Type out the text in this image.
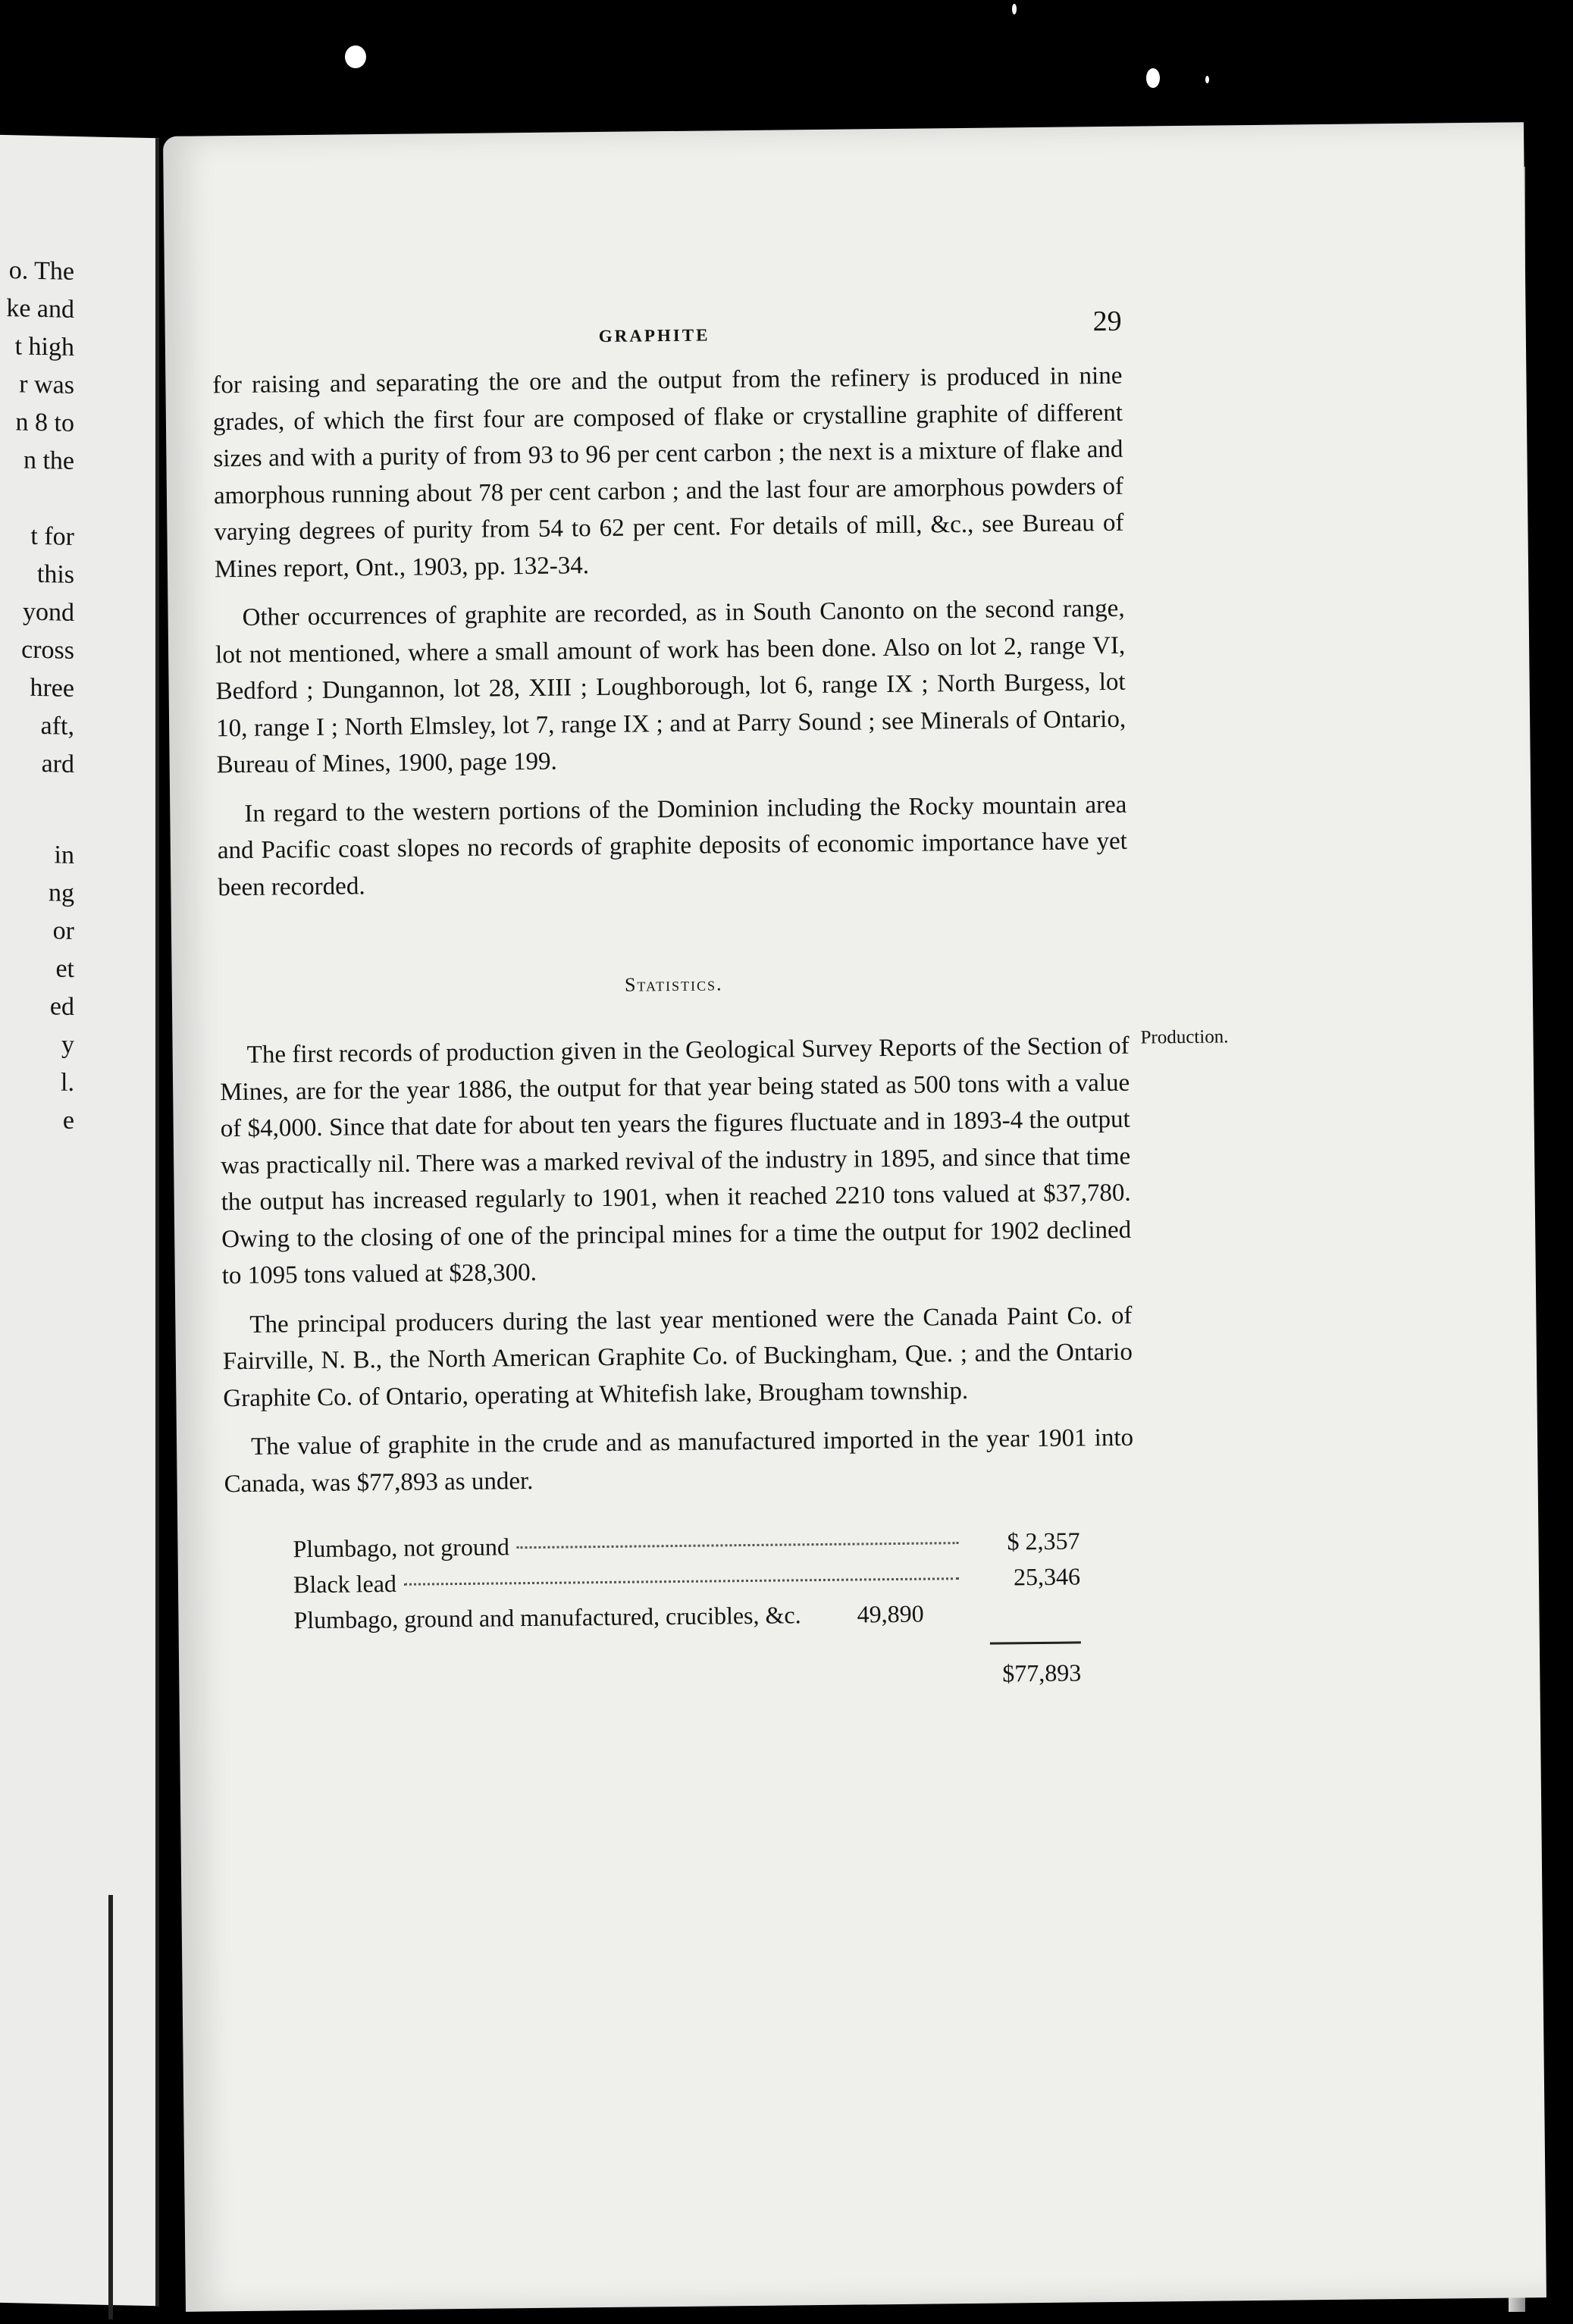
o. The
ke and
t high
r was
n 8 to
n the
t for
this
yond
cross
hree
aft,
ard
in
ng
or
et
ed
y
l.
e
GRAPHITE	29

for raising and separating the ore and the output from the refinery is produced in nine grades, of which the first four are composed of flake or crystalline graphite of different sizes and with a purity of from 93 to 96 per cent carbon ; the next is a mixture of flake and amorphous running about 78 per cent carbon ; and the last four are amorphous powders of varying degrees of purity from 54 to 62 per cent. For details of mill, &c., see Bureau of Mines report, Ont., 1903, pp. 132-34.

Other occurrences of graphite are recorded, as in South Canonto on the second range, lot not mentioned, where a small amount of work has been done. Also on lot 2, range VI, Bedford ; Dungannon, lot 28, XIII ; Loughborough, lot 6, range IX ; North Burgess, lot 10, range I ; North Elmsley, lot 7, range IX ; and at Parry Sound ; see Minerals of Ontario, Bureau of Mines, 1900, page 199.

In regard to the western portions of the Dominion including the Rocky mountain area and Pacific coast slopes no records of graphite deposits of economic importance have yet been recorded.

Statistics.
Production.

The first records of production given in the Geological Survey Reports of the Section of Mines, are for the year 1886, the output for that year being stated as 500 tons with a value of $4,000. Since that date for about ten years the figures fluctuate and in 1893-4 the output was practically nil. There was a marked revival of the industry in 1895, and since that time the output has increased regularly to 1901, when it reached 2210 tons valued at $37,780. Owing to the closing of one of the principal mines for a time the output for 1902 declined to 1095 tons valued at $28,300.

The principal producers during the last year mentioned were the Canada Paint Co. of Fairville, N. B., the North American Graphite Co. of Buckingham, Que. ; and the Ontario Graphite Co. of Ontario, operating at Whitefish lake, Brougham township.

The value of graphite in the crude and as manufactured imported in the year 1901 into Canada, was $77,893 as under.

Plumbago, not ground	$ 2,357
Black lead	25,346
Plumbago, ground and manufactured, crucibles, &c.	49,890
$77,893
